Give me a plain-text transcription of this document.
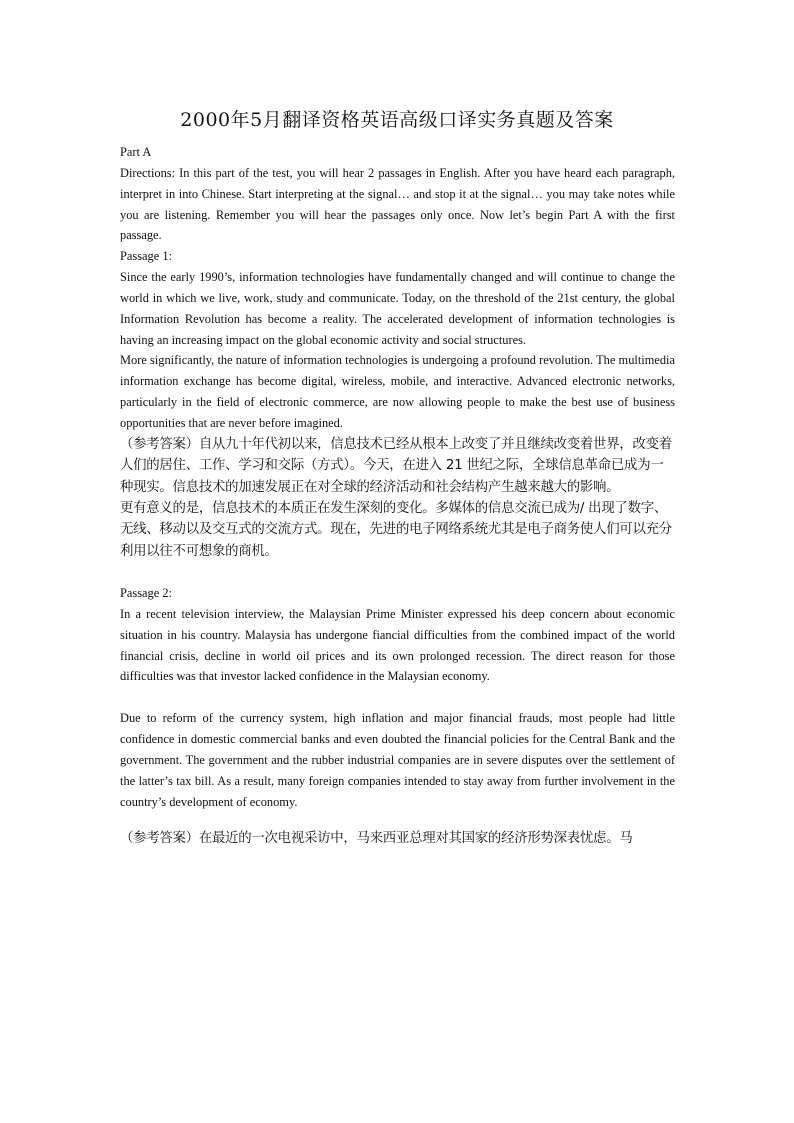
2000年5月翻译资格英语高级口译实务真题及答案

Part A

Directions: In this part of the test, you will hear 2 passages in English. After you have heard each paragraph, interpret in into Chinese. Start interpreting at the signal… and stop it at the signal… you may take notes while you are listening. Remember you will hear the passages only once. Now let’s begin Part A with the first passage.

Passage 1:

Since the early 1990’s, information technologies have fundamentally changed and will continue to change the world in which we live, work, study and communicate. Today, on the threshold of the 21st century, the global Information Revolution has become a reality. The accelerated development of information technologies is having an increasing impact on the global economic activity and social structures.

More significantly, the nature of information technologies is undergoing a profound revolution. The multimedia information exchange has become digital, wireless, mobile, and interactive. Advanced electronic networks, particularly in the field of electronic commerce, are now allowing people to make the best use of business opportunities that are never before imagined.

（参考答案）自从九十年代初以来，信息技术已经从根本上改变了并且继续改变着世界，改变着人们的居住、工作、学习和交际（方式）。今天，在进入 21 世纪之际，全球信息革命已成为一种现实。信息技术的加速发展正在对全球的经济活动和社会结构产生越来越大的影响。

更有意义的是，信息技术的本质正在发生深刻的变化。多媒体的信息交流已成为/ 出现了数字、无线、移动以及交互式的交流方式。现在，先进的电子网络系统尤其是电子商务使人们可以充分利用以往不可想象的商机。

Passage 2:

In a recent television interview, the Malaysian Prime Minister expressed his deep concern about economic situation in his country. Malaysia has undergone fiancial difficulties from the combined impact of the world financial crisis, decline in world oil prices and its own prolonged recession. The direct reason for those difficulties was that investor lacked confidence in the Malaysian economy.

Due to reform of the currency system, high inflation and major financial frauds, most people had little confidence in domestic commercial banks and even doubted the financial policies for the Central Bank and the government. The government and the rubber industrial companies are in severe disputes over the settlement of the latter’s tax bill. As a result, many foreign companies intended to stay away from further involvement in the country’s development of economy.

（参考答案）在最近的一次电视采访中，马来西亚总理对其国家的经济形势深表忧虑。马
